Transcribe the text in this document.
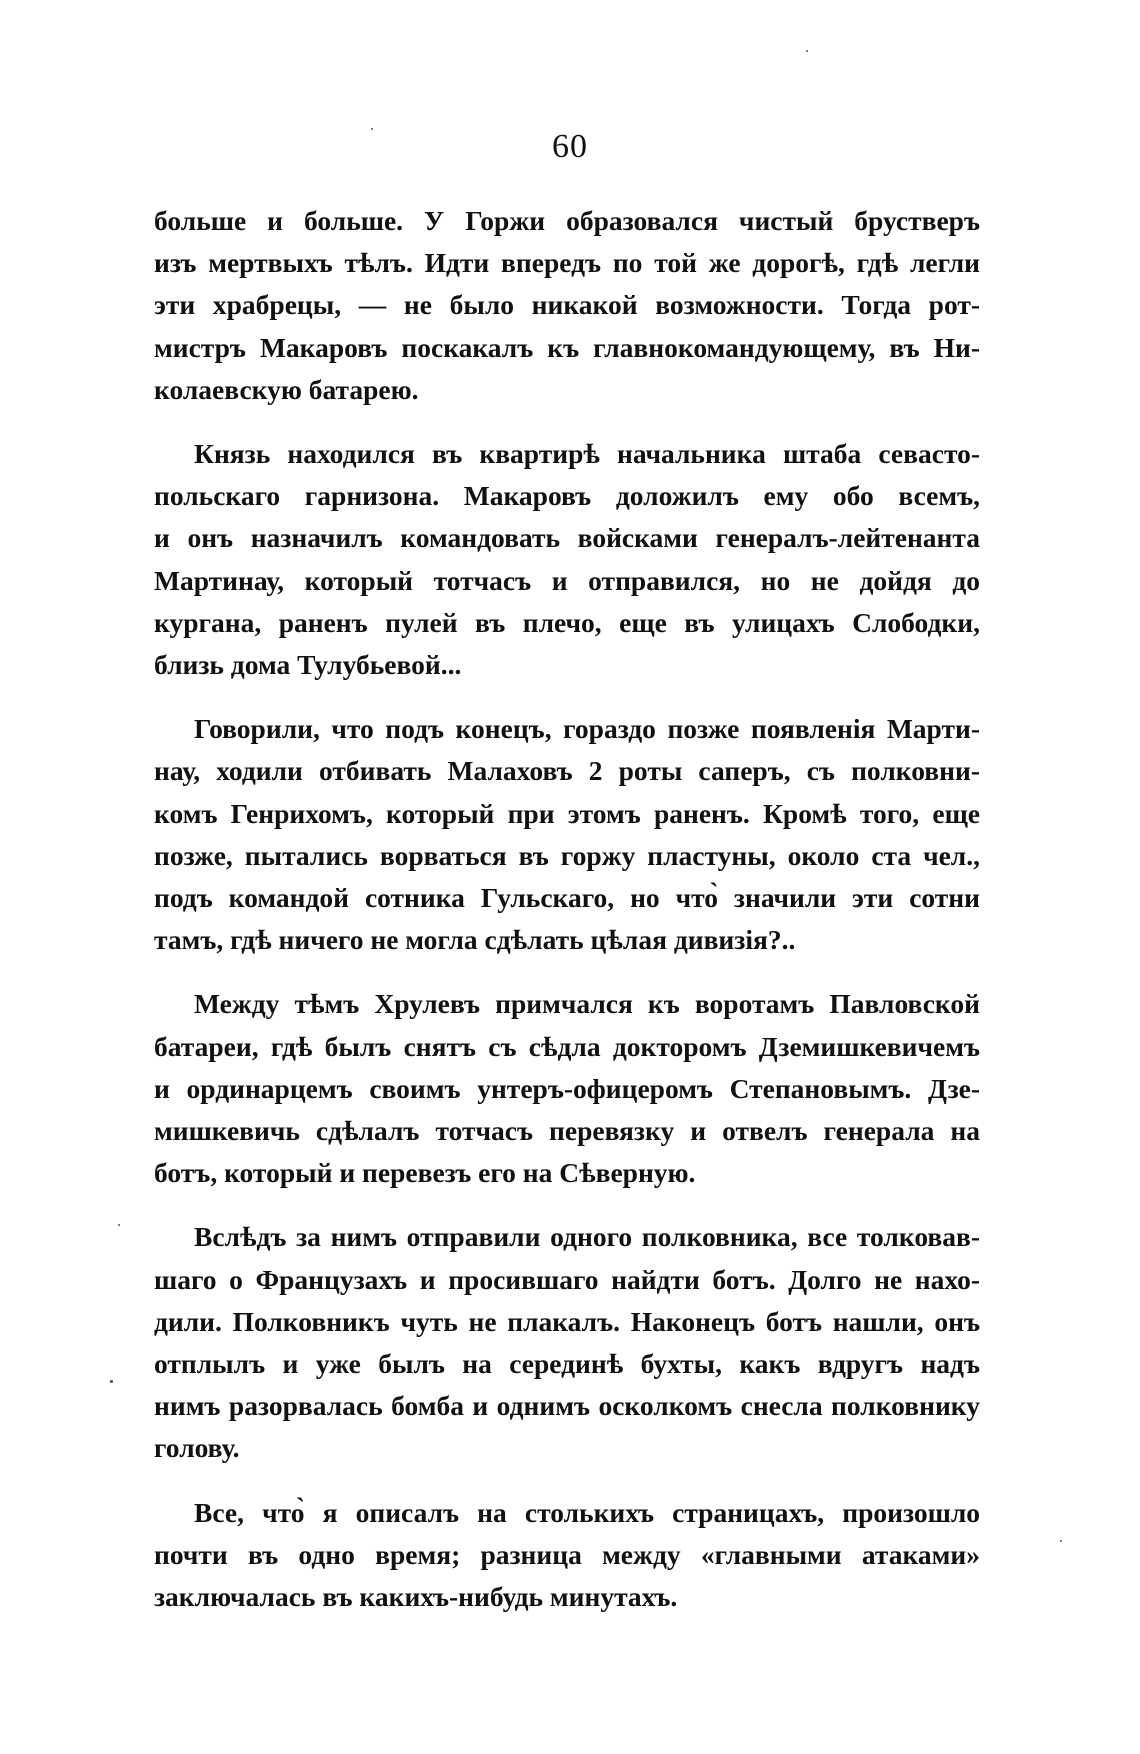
60
больше и больше. У Горжи образовался чистый брустверъ
изъ мертвыхъ тѣлъ. Идти впередъ по той же дорогѣ, гдѣ легли
эти храбрецы, — не было никакой возможности. Тогда рот-
мистръ Макаровъ поскакалъ къ главнокомандующему, въ Ни-
колаевскую батарею.
Князь находился въ квартирѣ начальника штаба севасто-
польскаго гарнизона. Макаровъ доложилъ ему обо всемъ,
и онъ назначилъ командовать войсками генералъ-лейтенанта
Мартинау, который тотчасъ и отправился, но не дойдя до
кургана, раненъ пулей въ плечо, еще въ улицахъ Слободки,
близь дома Тулубьевой...
Говорили, что подъ конецъ, гораздо позже появленія Марти-
нау, ходили отбивать Малаховъ 2 роты саперъ, съ полковни-
комъ Генрихомъ, который при этомъ раненъ. Кромѣ того, еще
позже, пытались ворваться въ горжу пластуны, около ста чел.,
подъ командой сотника Гульскаго, но что̀ значили эти сотни
тамъ, гдѣ ничего не могла сдѣлать цѣлая дивизія?..
Между тѣмъ Хрулевъ примчался къ воротамъ Павловской
батареи, гдѣ былъ снятъ съ сѣдла докторомъ Дземишкевичемъ
и ординарцемъ своимъ унтеръ-офицеромъ Степановымъ. Дзе-
мишкевичь сдѣлалъ тотчасъ перевязку и отвелъ генерала на
ботъ, который и перевезъ его на Сѣверную.
Вслѣдъ за нимъ отправили одного полковника, все толковав-
шаго о Французахъ и просившаго найдти ботъ. Долго не нахо-
дили. Полковникъ чуть не плакалъ. Наконецъ ботъ нашли, онъ
отплылъ и уже былъ на серединѣ бухты, какъ вдругъ надъ
нимъ разорвалась бомба и однимъ осколкомъ снесла полковнику
голову.
Все, что̀ я описалъ на столькихъ страницахъ, произошло
почти въ одно время; разница между «главными атаками»
заключалась въ какихъ-нибудь минутахъ.
